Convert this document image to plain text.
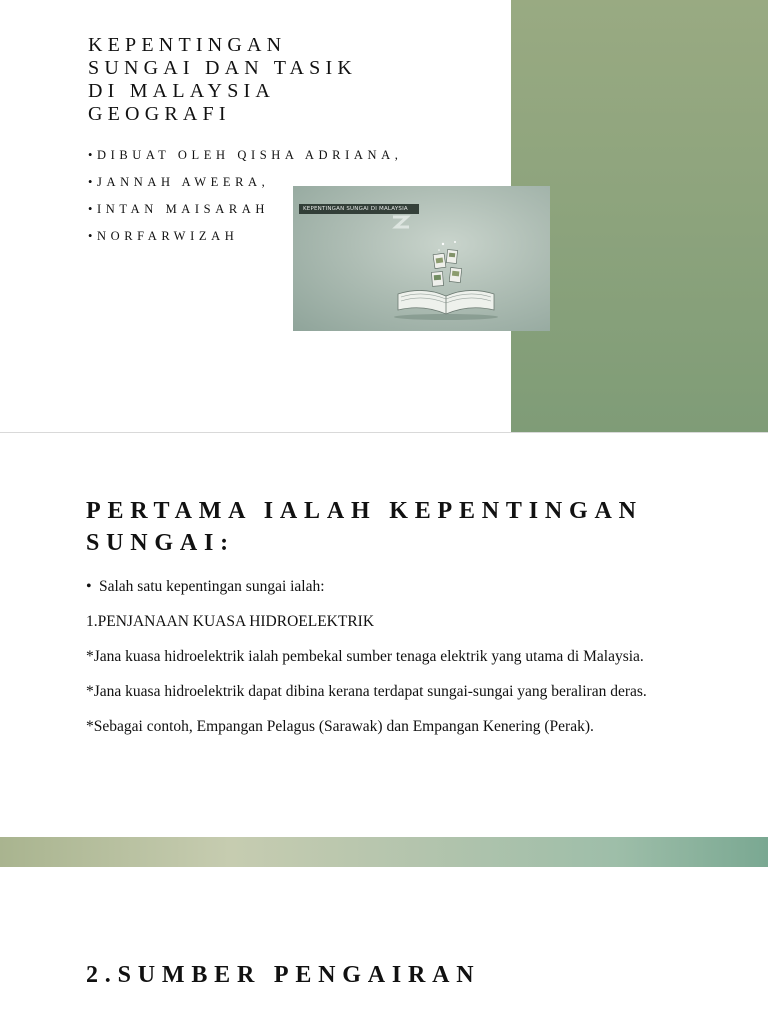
KEPENTINGAN
SUNGAI DAN TASIK
DI MALAYSIA
GEOGRAFI
•DIBUAT OLEH QISHA ADRIANA,
•JANNAH AWEERA,
•INTAN MAISARAH
•NORFARWIZAH
KEPENTINGAN SUNGAI DI MALAYSIA
PERTAMA IALAH KEPENTINGAN SUNGAI:

• Salah satu kepentingan sungai ialah:

1.PENJANAAN KUASA HIDROELEKTRIK

*Jana kuasa hidroelektrik ialah pembekal sumber tenaga elektrik yang utama di Malaysia.

*Jana kuasa hidroelektrik dapat dibina kerana terdapat sungai-sungai yang beraliran deras.

*Sebagai contoh, Empangan Pelagus (Sarawak) dan Empangan Kenering (Perak).

2.SUMBER PENGAIRAN
